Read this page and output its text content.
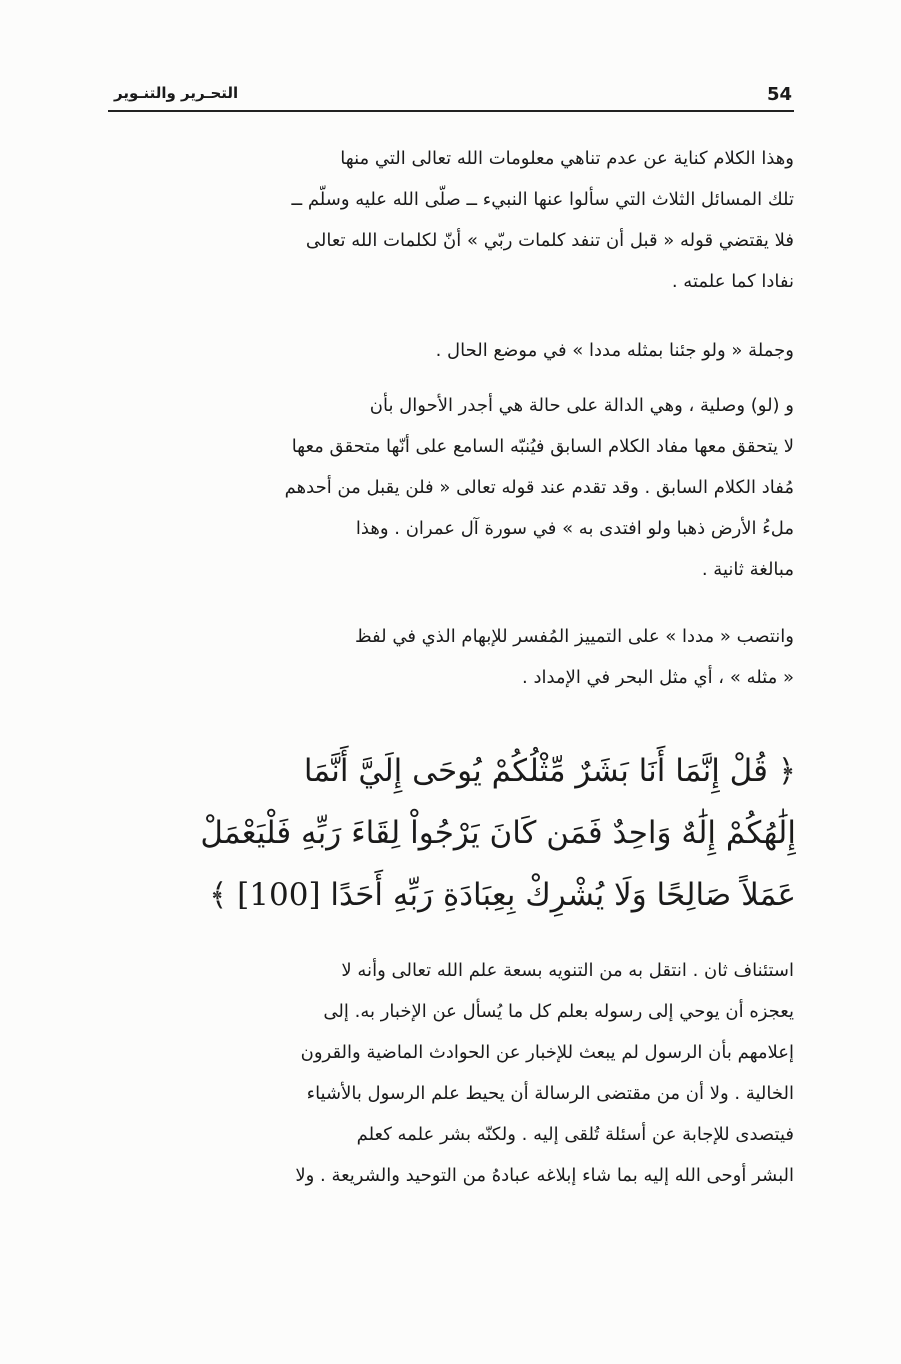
54
التحـرير والتنـوير

وهذا الكلام كناية عن عدم تناهي معلومات الله تعالى التي منها
تلك المسائل الثلاث التي سألوا عنها النبيء ــ صلّى الله عليه وسلّم ــ
فلا يقتضي قوله « قبل أن تنفد كلمات ربّي » أنّ لكلمات الله تعالى
نفادا كما علمته .

وجملة « ولو جئنا بمثله مددا » في موضع الحال .

و (لو) وصلية ، وهي الدالة على حالة هي أجدر الأحوال بأن
لا يتحقق معها مفاد الكلام السابق فيُنبّه السامع على أنّها متحقق معها
مُفاد الكلام السابق . وقد تقدم عند قوله تعالى « فلن يقبل من أحدهم
ملءُ الأرض ذهبا ولو افتدى به » في سورة آل عمران . وهذا
مبالغة ثانية .

وانتصب « مددا » على التمييز المُفسر للإبهام الذي في لفظ
« مثله » ، أي مثل البحر في الإمداد .

﴿ قُلْ إِنَّمَا أَنَا بَشَرٌ مِّثْلُكُمْ يُوحَى إِلَيَّ أَنَّمَا
إِلَٰهُكُمْ إِلَٰهٌ وَاحِدٌ فَمَن كَانَ يَرْجُواْ لِقَاءَ رَبِّهِ فَلْيَعْمَلْ
عَمَلاً صَالِحًا وَلَا يُشْرِكْ بِعِبَادَةِ رَبِّهِ أَحَدًا [100] ﴾

استئناف ثان . انتقل به من التنويه بسعة علم الله تعالى وأنه لا
يعجزه أن يوحي إلى رسوله بعلم كل ما يُسأل عن الإخبار به. إلى
إعلامهم بأن الرسول لم يبعث للإخبار عن الحوادث الماضية والقرون
الخالية . ولا أن من مقتضى الرسالة أن يحيط علم الرسول بالأشياء
فيتصدى للإجابة عن أسئلة تُلقى إليه . ولكنّه بشر علمه كعلم
البشر أوحى الله إليه بما شاء إبلاغه عبادهُ من التوحيد والشريعة . ولا
